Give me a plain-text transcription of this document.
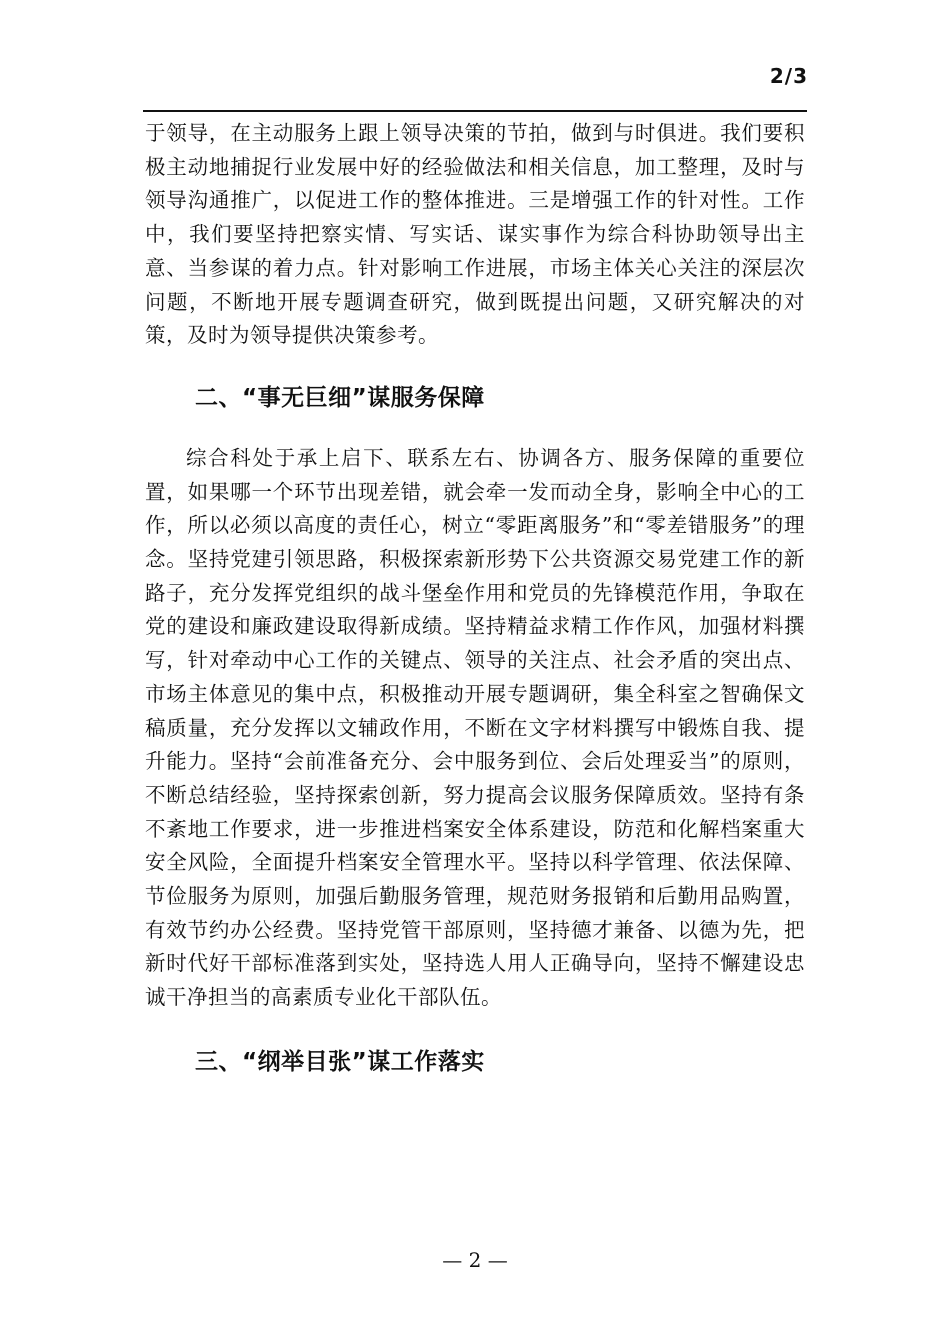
2/3

于领导，在主动服务上跟上领导决策的节拍，做到与时俱进。我们要积极主动地捕捉行业发展中好的经验做法和相关信息，加工整理，及时与领导沟通推广，以促进工作的整体推进。三是增强工作的针对性。工作中，我们要坚持把察实情、写实话、谋实事作为综合科协助领导出主意、当参谋的着力点。针对影响工作进展，市场主体关心关注的深层次问题，不断地开展专题调查研究，做到既提出问题，又研究解决的对策，及时为领导提供决策参考。

二、“事无巨细”谋服务保障

综合科处于承上启下、联系左右、协调各方、服务保障的重要位置，如果哪一个环节出现差错，就会牵一发而动全身，影响全中心的工作，所以必须以高度的责任心，树立“零距离服务”和“零差错服务”的理念。坚持党建引领思路，积极探索新形势下公共资源交易党建工作的新路子，充分发挥党组织的战斗堡垒作用和党员的先锋模范作用，争取在党的建设和廉政建设取得新成绩。坚持精益求精工作作风，加强材料撰写，针对牵动中心工作的关键点、领导的关注点、社会矛盾的突出点、市场主体意见的集中点，积极推动开展专题调研，集全科室之智确保文稿质量，充分发挥以文辅政作用，不断在文字材料撰写中锻炼自我、提升能力。坚持“会前准备充分、会中服务到位、会后处理妥当”的原则，不断总结经验，坚持探索创新，努力提高会议服务保障质效。坚持有条不紊地工作要求，进一步推进档案安全体系建设，防范和化解档案重大安全风险，全面提升档案安全管理水平。坚持以科学管理、依法保障、节俭服务为原则，加强后勤服务管理，规范财务报销和后勤用品购置，有效节约办公经费。坚持党管干部原则，坚持德才兼备、以德为先，把新时代好干部标准落到实处，坚持选人用人正确导向，坚持不懈建设忠诚干净担当的高素质专业化干部队伍。

三、“纲举目张”谋工作落实
— 2 —
